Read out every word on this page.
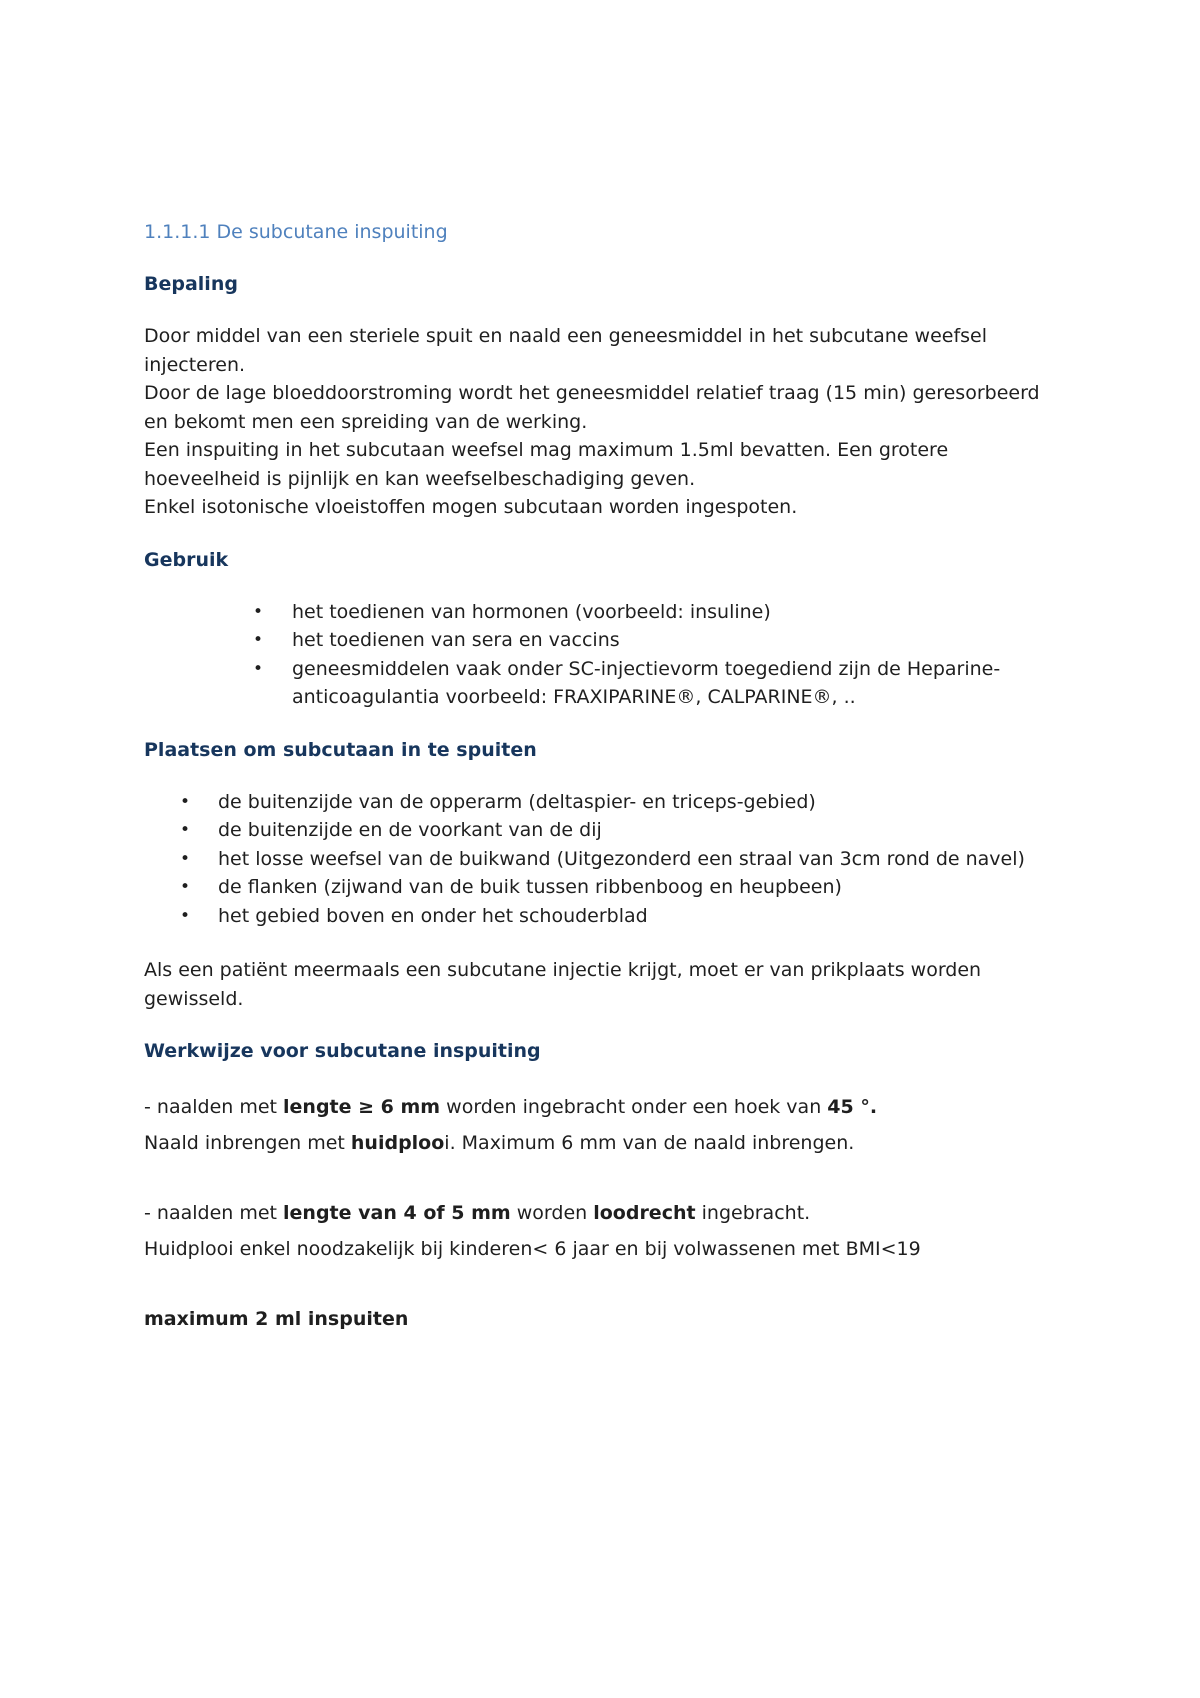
1.1.1.1 De subcutane inspuiting
Bepaling

Door middel van een steriele spuit en naald een geneesmiddel in het subcutane weefsel injecteren.

Door de lage bloeddoorstroming wordt het geneesmiddel relatief traag (15 min) geresorbeerd en bekomt men een spreiding van de werking.

Een inspuiting in het subcutaan weefsel mag maximum 1.5ml bevatten. Een grotere hoeveelheid is pijnlijk en kan weefselbeschadiging geven.

Enkel isotonische vloeistoffen mogen subcutaan worden ingespoten.

Gebruik
• het toedienen van hormonen (voorbeeld: insuline)
• het toedienen van sera en vaccins
• geneesmiddelen vaak onder SC-injectievorm toegediend zijn de Heparine-anticoagulantia voorbeeld: FRAXIPARINE®, CALPARINE®, ..
Plaatsen om subcutaan in te spuiten
• de buitenzijde van de opperarm (deltaspier- en triceps-gebied)
• de buitenzijde en de voorkant van de dij
• het losse weefsel van de buikwand (Uitgezonderd een straal van 3cm rond de navel)
• de flanken (zijwand van de buik tussen ribbenboog en heupbeen)
• het gebied boven en onder het schouderblad

Als een patiënt meermaals een subcutane injectie krijgt, moet er van prikplaats worden gewisseld.

Werkwijze voor subcutane inspuiting

- naalden met lengte ≥ 6 mm worden ingebracht onder een hoek van 45 °.

Naald inbrengen met huidplooi. Maximum 6 mm van de naald inbrengen.

- naalden met lengte van 4 of 5 mm worden loodrecht ingebracht.

Huidplooi enkel noodzakelijk bij kinderen< 6 jaar en bij volwassenen met BMI<19

maximum 2 ml inspuiten
